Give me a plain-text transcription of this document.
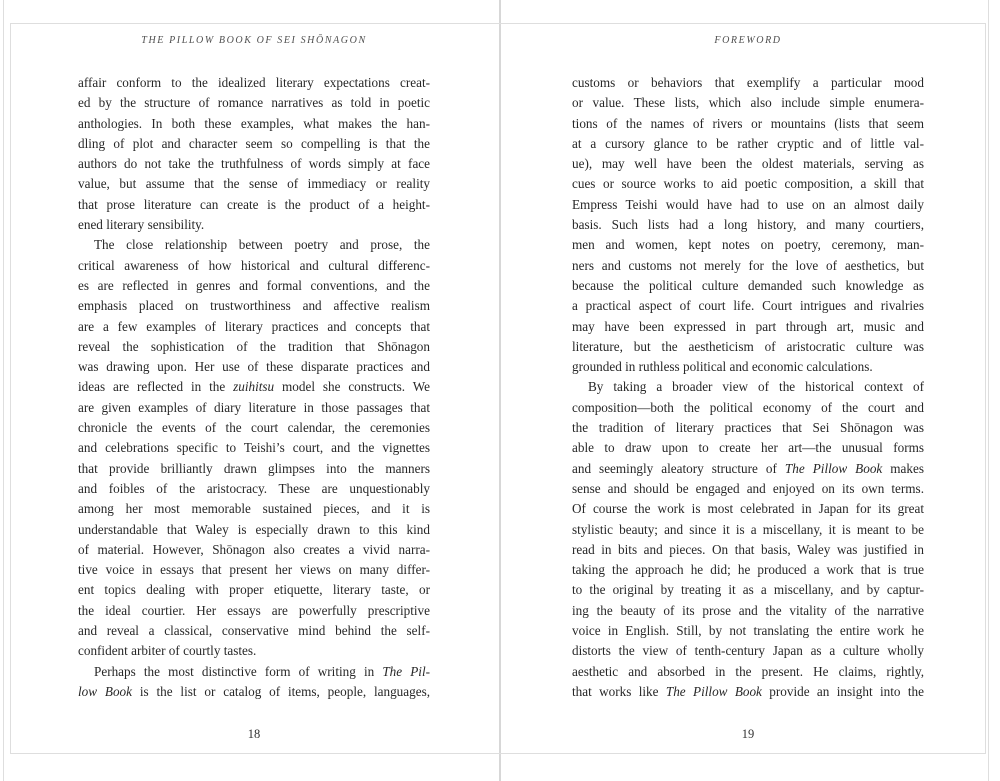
THE PILLOW BOOK OF SEI SHŌNAGON
affair conform to the idealized literary expectations creat-
ed by the structure of romance narratives as told in poetic
anthologies. In both these examples, what makes the han-
dling of plot and character seem so compelling is that the
authors do not take the truthfulness of words simply at face
value, but assume that the sense of immediacy or reality
that prose literature can create is the product of a height-
ened literary sensibility.
The close relationship between poetry and prose, the
critical awareness of how historical and cultural differenc-
es are reflected in genres and formal conventions, and the
emphasis placed on trustworthiness and affective realism
are a few examples of literary practices and concepts that
reveal the sophistication of the tradition that Shōnagon
was drawing upon. Her use of these disparate practices and
ideas are reflected in the zuihitsu model she constructs. We
are given examples of diary literature in those passages that
chronicle the events of the court calendar, the ceremonies
and celebrations specific to Teishi’s court, and the vignettes
that provide brilliantly drawn glimpses into the manners
and foibles of the aristocracy. These are unquestionably
among her most memorable sustained pieces, and it is
understandable that Waley is especially drawn to this kind
of material. However, Shōnagon also creates a vivid narra-
tive voice in essays that present her views on many differ-
ent topics dealing with proper etiquette, literary taste, or
the ideal courtier. Her essays are powerfully prescriptive
and reveal a classical, conservative mind behind the self-
confident arbiter of courtly tastes.
Perhaps the most distinctive form of writing in The Pil-
low Book is the list or catalog of items, people, languages,
18
FOREWORD
customs or behaviors that exemplify a particular mood
or value. These lists, which also include simple enumera-
tions of the names of rivers or mountains (lists that seem
at a cursory glance to be rather cryptic and of little val-
ue), may well have been the oldest materials, serving as
cues or source works to aid poetic composition, a skill that
Empress Teishi would have had to use on an almost daily
basis. Such lists had a long history, and many courtiers,
men and women, kept notes on poetry, ceremony, man-
ners and customs not merely for the love of aesthetics, but
because the political culture demanded such knowledge as
a practical aspect of court life. Court intrigues and rivalries
may have been expressed in part through art, music and
literature, but the aestheticism of aristocratic culture was
grounded in ruthless political and economic calculations.
By taking a broader view of the historical context of
composition—both the political economy of the court and
the tradition of literary practices that Sei Shōnagon was
able to draw upon to create her art—the unusual forms
and seemingly aleatory structure of The Pillow Book makes
sense and should be engaged and enjoyed on its own terms.
Of course the work is most celebrated in Japan for its great
stylistic beauty; and since it is a miscellany, it is meant to be
read in bits and pieces. On that basis, Waley was justified in
taking the approach he did; he produced a work that is true
to the original by treating it as a miscellany, and by captur-
ing the beauty of its prose and the vitality of the narrative
voice in English. Still, by not translating the entire work he
distorts the view of tenth-century Japan as a culture wholly
aesthetic and absorbed in the present. He claims, rightly,
that works like The Pillow Book provide an insight into the
19
